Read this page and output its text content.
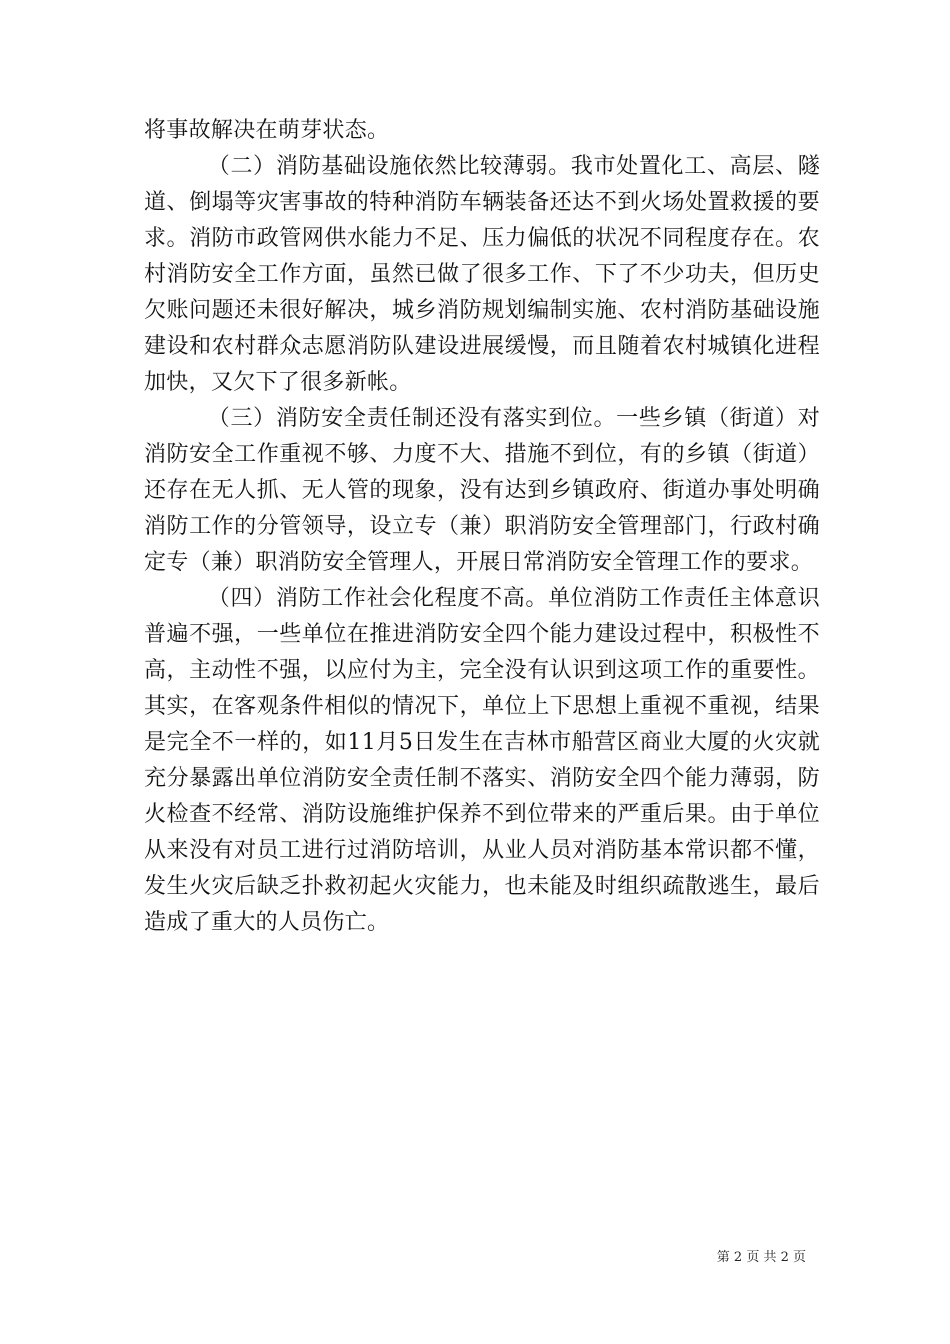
将事故解决在萌芽状态。

（二）消防基础设施依然比较薄弱。我市处置化工、高层、隧道、倒塌等灾害事故的特种消防车辆装备还达不到火场处置救援的要求。消防市政管网供水能力不足、压力偏低的状况不同程度存在。农村消防安全工作方面，虽然已做了很多工作、下了不少功夫，但历史欠账问题还未很好解决，城乡消防规划编制实施、农村消防基础设施建设和农村群众志愿消防队建设进展缓慢，而且随着农村城镇化进程加快，又欠下了很多新帐。

（三）消防安全责任制还没有落实到位。一些乡镇（街道）对消防安全工作重视不够、力度不大、措施不到位，有的乡镇（街道）还存在无人抓、无人管的现象，没有达到乡镇政府、街道办事处明确消防工作的分管领导，设立专（兼）职消防安全管理部门，行政村确定专（兼）职消防安全管理人，开展日常消防安全管理工作的要求。

（四）消防工作社会化程度不高。单位消防工作责任主体意识普遍不强，一些单位在推进消防安全四个能力建设过程中，积极性不高，主动性不强，以应付为主，完全没有认识到这项工作的重要性。其实，在客观条件相似的情况下，单位上下思想上重视不重视，结果是完全不一样的，如11月5日发生在吉林市船营区商业大厦的火灾就充分暴露出单位消防安全责任制不落实、消防安全四个能力薄弱，防火检查不经常、消防设施维护保养不到位带来的严重后果。由于单位从来没有对员工进行过消防培训，从业人员对消防基本常识都不懂，发生火灾后缺乏扑救初起火灾能力，也未能及时组织疏散逃生，最后造成了重大的人员伤亡。

第 2 页 共 2 页
